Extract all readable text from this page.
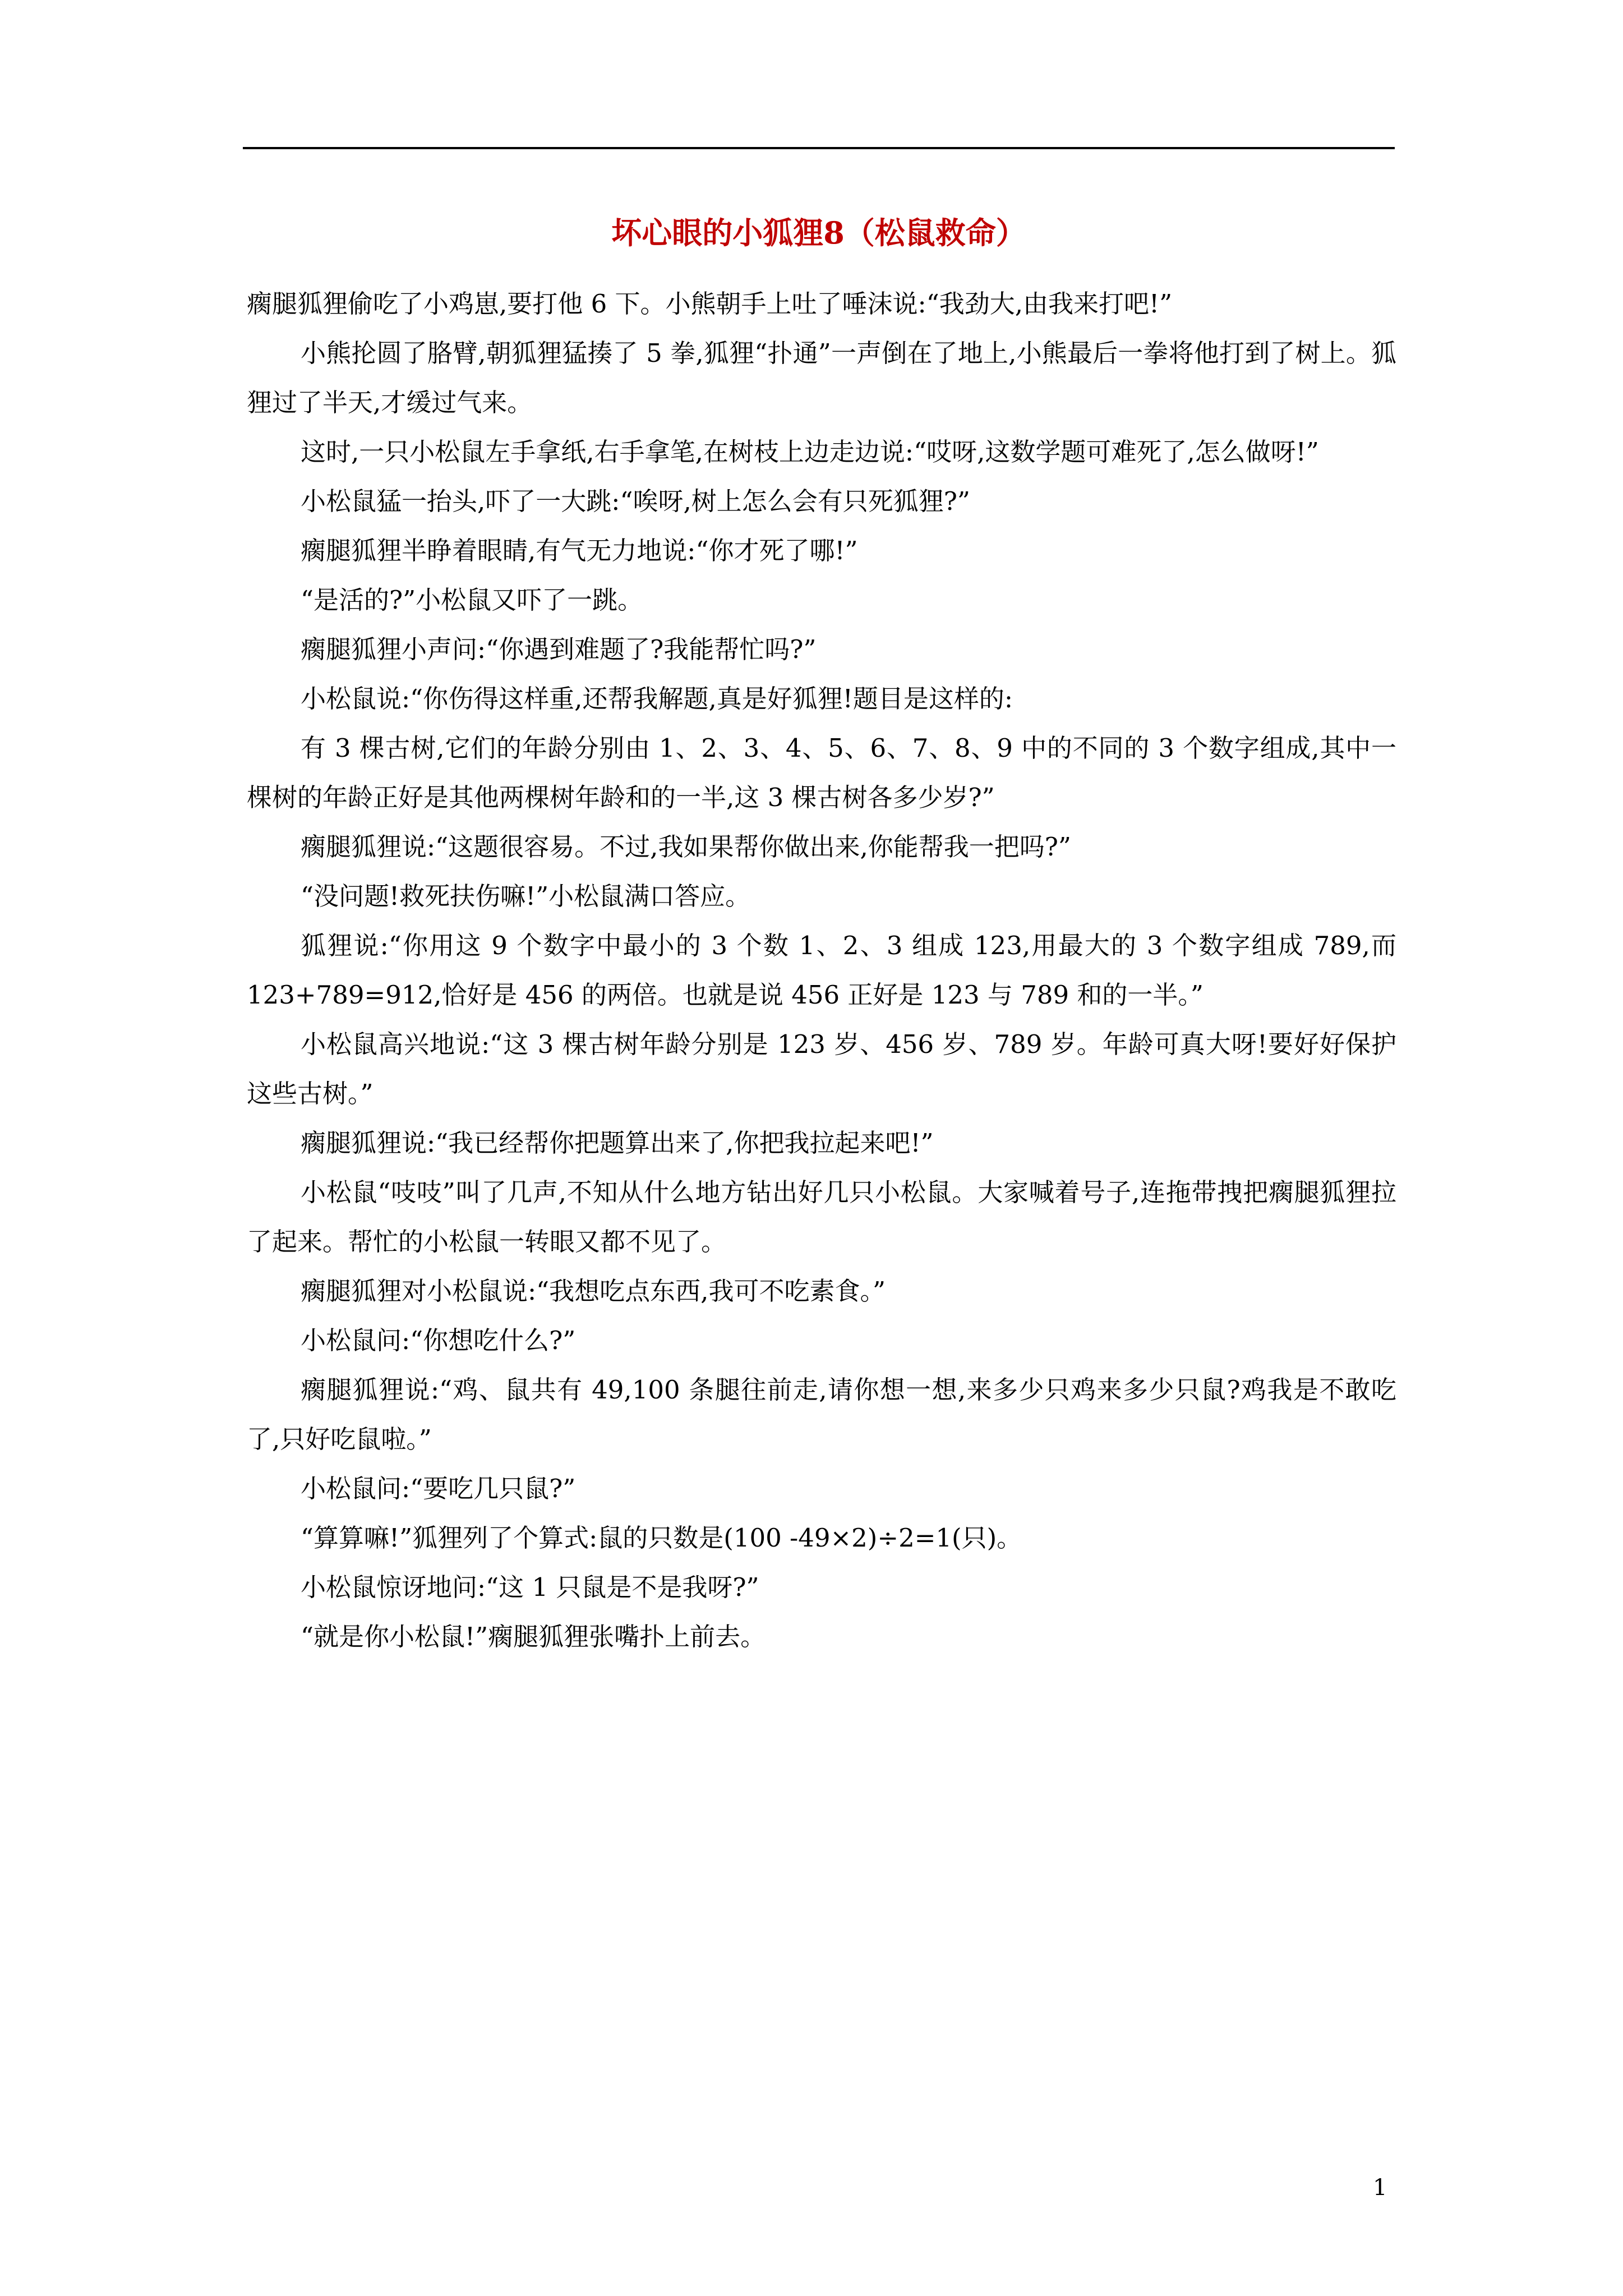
坏心眼的小狐狸8（松鼠救命）

瘸腿狐狸偷吃了小鸡崽,要打他 6 下。小熊朝手上吐了唾沫说:“我劲大,由我来打吧!”

小熊抡圆了胳臂,朝狐狸猛揍了 5 拳,狐狸“扑通”一声倒在了地上,小熊最后一拳将他打到了树上。狐狸过了半天,才缓过气来。

这时,一只小松鼠左手拿纸,右手拿笔,在树枝上边走边说:“哎呀,这数学题可难死了,怎么做呀!”

小松鼠猛一抬头,吓了一大跳:“唉呀,树上怎么会有只死狐狸?”

瘸腿狐狸半睁着眼睛,有气无力地说:“你才死了哪!”

“是活的?”小松鼠又吓了一跳。

瘸腿狐狸小声问:“你遇到难题了?我能帮忙吗?”

小松鼠说:“你伤得这样重,还帮我解题,真是好狐狸!题目是这样的:

有 3 棵古树,它们的年龄分别由 1、2、3、4、5、6、7、8、9 中的不同的 3 个数字组成,其中一棵树的年龄正好是其他两棵树年龄和的一半,这 3 棵古树各多少岁?”

瘸腿狐狸说:“这题很容易。不过,我如果帮你做出来,你能帮我一把吗?”

“没问题!救死扶伤嘛!”小松鼠满口答应。

狐狸说:“你用这 9 个数字中最小的 3 个数 1、2、3 组成 123,用最大的 3 个数字组成 789,而 123+789=912,恰好是 456 的两倍。也就是说 456 正好是 123 与 789 和的一半。”

小松鼠高兴地说:“这 3 棵古树年龄分别是 123 岁、456 岁、789 岁。年龄可真大呀!要好好保护这些古树。”

瘸腿狐狸说:“我已经帮你把题算出来了,你把我拉起来吧!”

小松鼠“吱吱”叫了几声,不知从什么地方钻出好几只小松鼠。大家喊着号子,连拖带拽把瘸腿狐狸拉了起来。帮忙的小松鼠一转眼又都不见了。

瘸腿狐狸对小松鼠说:“我想吃点东西,我可不吃素食。”

小松鼠问:“你想吃什么?”

瘸腿狐狸说:“鸡、鼠共有 49,100 条腿往前走,请你想一想,来多少只鸡来多少只鼠?鸡我是不敢吃了,只好吃鼠啦。”

小松鼠问:“要吃几只鼠?”

“算算嘛!”狐狸列了个算式:鼠的只数是(100 -49×2)÷2=1(只)。

小松鼠惊讶地问:“这 1 只鼠是不是我呀?”

“就是你小松鼠!”瘸腿狐狸张嘴扑上前去。

1
